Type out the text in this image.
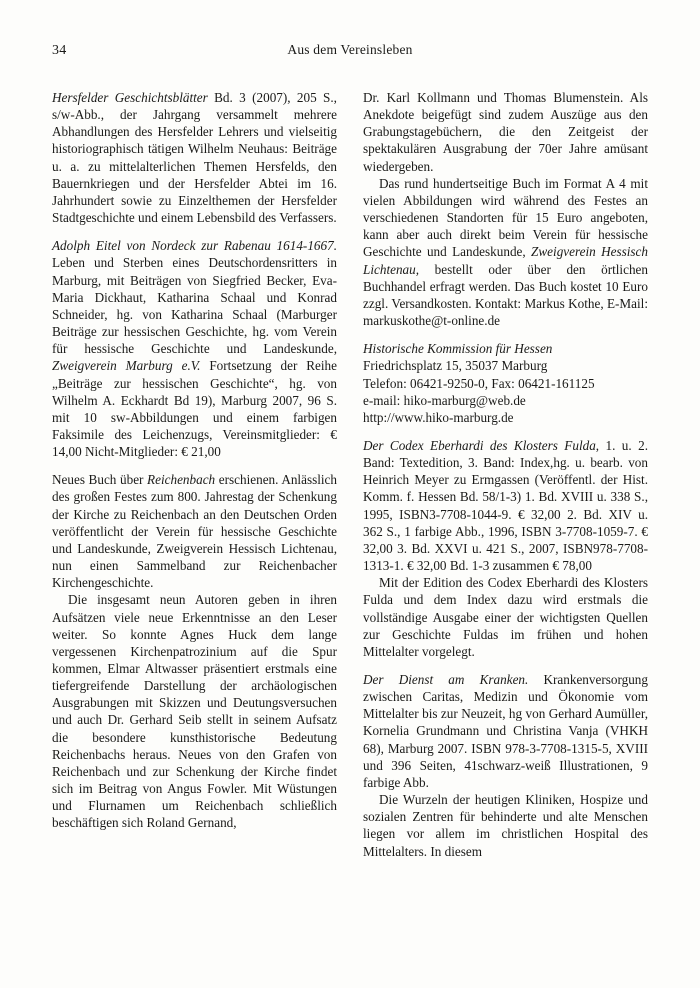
34	Aus dem Vereinsleben

Hersfelder Geschichtsblätter Bd. 3 (2007), 205 S., s/w-Abb., der Jahrgang versammelt mehrere Abhandlungen des Hersfelder Lehrers und vielseitig historiographisch tätigen Wilhelm Neuhaus: Beiträge u. a. zu mittelalterlichen Themen Hersfelds, den Bauernkriegen und der Hersfelder Abtei im 16. Jahrhundert sowie zu Einzelthemen der Hersfelder Stadtgeschichte und einem Lebensbild des Verfassers.

Adolph Eitel von Nordeck zur Rabenau 1614-1667. Leben und Sterben eines Deutschordensritters in Marburg, mit Beiträgen von Siegfried Becker, Eva-Maria Dickhaut, Katharina Schaal und Konrad Schneider, hg. von Katharina Schaal (Marburger Beiträge zur hessischen Geschichte, hg. vom Verein für hessische Geschichte und Landeskunde, Zweigverein Marburg e.V. Fortsetzung der Reihe „Beiträge zur hessischen Geschichte“, hg. von Wilhelm A. Eckhardt Bd 19), Marburg 2007, 96 S. mit 10 sw-Abbildungen und einem farbigen Faksimile des Leichenzugs, Vereinsmitglieder: € 14,00 Nicht-Mitglieder: € 21,00

Neues Buch über Reichenbach erschienen. Anlässlich des großen Festes zum 800. Jahrestag der Schenkung der Kirche zu Reichenbach an den Deutschen Orden veröffentlicht der Verein für hessische Geschichte und Landeskunde, Zweigverein Hessisch Lichtenau, nun einen Sammelband zur Reichenbacher Kirchengeschichte.

Die insgesamt neun Autoren geben in ihren Aufsätzen viele neue Erkenntnisse an den Leser weiter. So konnte Agnes Huck dem lange vergessenen Kirchenpatrozinium auf die Spur kommen, Elmar Altwasser präsentiert erstmals eine tiefergreifende Darstellung der archäologischen Ausgrabungen mit Skizzen und Deutungsversuchen und auch Dr. Gerhard Seib stellt in seinem Aufsatz die besondere kunsthistorische Bedeutung Reichenbachs heraus. Neues von den Grafen von Reichenbach und zur Schenkung der Kirche findet sich im Beitrag von Angus Fowler. Mit Wüstungen und Flurnamen um Reichenbach schließlich beschäftigen sich Roland Gernand,

Dr. Karl Kollmann und Thomas Blumenstein. Als Anekdote beigefügt sind zudem Auszüge aus den Grabungstagebüchern, die den Zeitgeist der spektakulären Ausgrabung der 70er Jahre amüsant wiedergeben.

Das rund hundertseitige Buch im Format A 4 mit vielen Abbildungen wird während des Festes an verschiedenen Standorten für 15 Euro angeboten, kann aber auch direkt beim Verein für hessische Geschichte und Landeskunde, Zweigverein Hessisch Lichtenau, bestellt oder über den örtlichen Buchhandel erfragt werden. Das Buch kostet 10 Euro zzgl. Versandkosten. Kontakt: Markus Kothe, E-Mail: markuskothe@t-online.de

Historische Kommission für Hessen

Friedrichsplatz 15, 35037 Marburg

Telefon: 06421-9250-0, Fax: 06421-161125

e-mail: hiko-marburg@web.de

http://www.hiko-marburg.de

Der Codex Eberhardi des Klosters Fulda, 1. u. 2. Band: Textedition, 3. Band: Index,hg. u. bearb. von Heinrich Meyer zu Ermgassen (Veröffentl. der Hist. Komm. f. Hessen Bd. 58/1-3) 1. Bd. XVIII u. 338 S., 1995, ISBN3-7708-1044-9. € 32,00 2. Bd. XIV u. 362 S., 1 farbige Abb., 1996, ISBN 3-7708-1059-7. € 32,00 3. Bd. XXVI u. 421 S., 2007, ISBN978-7708-1313-1. € 32,00 Bd. 1-3 zusammen € 78,00

Mit der Edition des Codex Eberhardi des Klosters Fulda und dem Index dazu wird erstmals die vollständige Ausgabe einer der wichtigsten Quellen zur Geschichte Fuldas im frühen und hohen Mittelalter vorgelegt.

Der Dienst am Kranken. Krankenversorgung zwischen Caritas, Medizin und Ökonomie vom Mittelalter bis zur Neuzeit, hg von Gerhard Aumüller, Kornelia Grundmann und Christina Vanja (VHKH 68), Marburg 2007. ISBN 978-3-7708-1315-5, XVIII und 396 Seiten, 41schwarz-weiß Illustrationen, 9 farbige Abb.

Die Wurzeln der heutigen Kliniken, Hospize und sozialen Zentren für behinderte und alte Menschen liegen vor allem im christlichen Hospital des Mittelalters. In diesem
